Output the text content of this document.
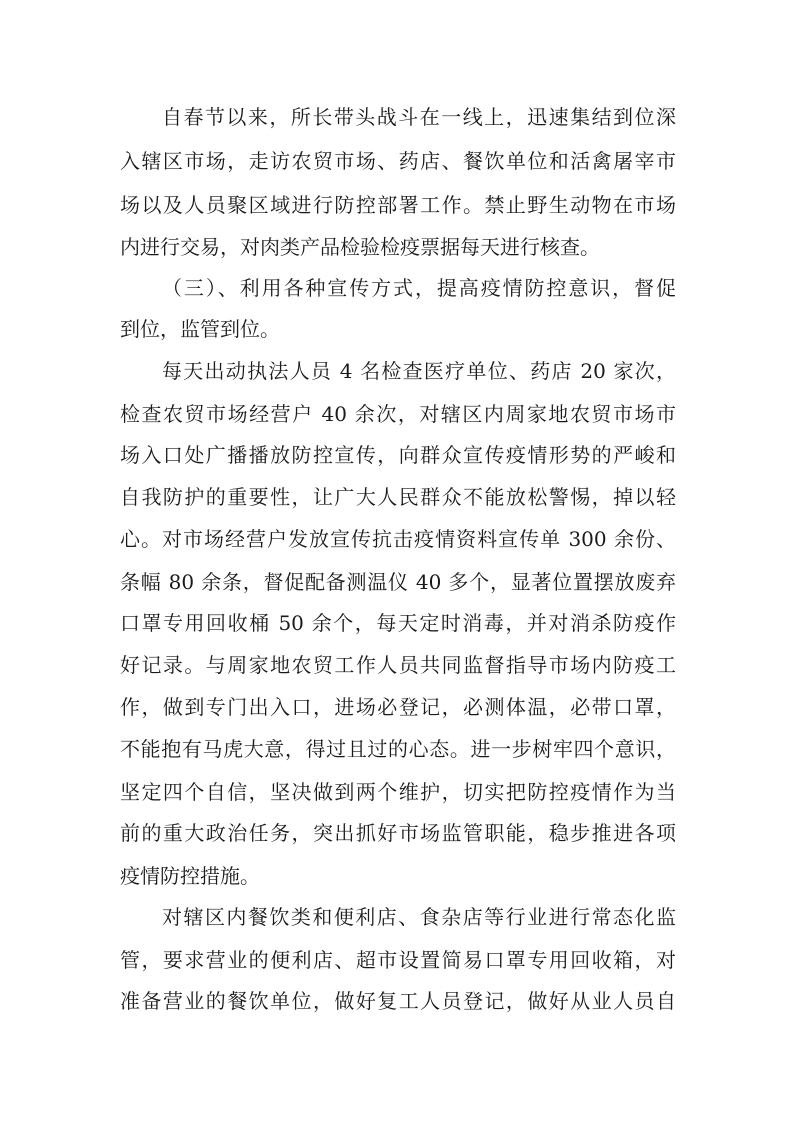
自春节以来，所长带头战斗在一线上，迅速集结到位深
入辖区市场，走访农贸市场、药店、餐饮单位和活禽屠宰市
场以及人员聚区域进行防控部署工作。禁止野生动物在市场
内进行交易，对肉类产品检验检疫票据每天进行核查。
（三）、利用各种宣传方式，提高疫情防控意识，督促
到位，监管到位。
每天出动执法人员 4 名检查医疗单位、药店 20 家次，
检查农贸市场经营户 40 余次，对辖区内周家地农贸市场市
场入口处广播播放防控宣传，向群众宣传疫情形势的严峻和
自我防护的重要性，让广大人民群众不能放松警惕，掉以轻
心。对市场经营户发放宣传抗击疫情资料宣传单 300 余份、
条幅 80 余条，督促配备测温仪 40 多个，显著位置摆放废弃
口罩专用回收桶 50 余个，每天定时消毒，并对消杀防疫作
好记录。与周家地农贸工作人员共同监督指导市场内防疫工
作，做到专门出入口，进场必登记，必测体温，必带口罩，
不能抱有马虎大意，得过且过的心态。进一步树牢四个意识，
坚定四个自信，坚决做到两个维护，切实把防控疫情作为当
前的重大政治任务，突出抓好市场监管职能，稳步推进各项
疫情防控措施。
对辖区内餐饮类和便利店、食杂店等行业进行常态化监
管，要求营业的便利店、超市设置简易口罩专用回收箱，对
准备营业的餐饮单位，做好复工人员登记，做好从业人员自
